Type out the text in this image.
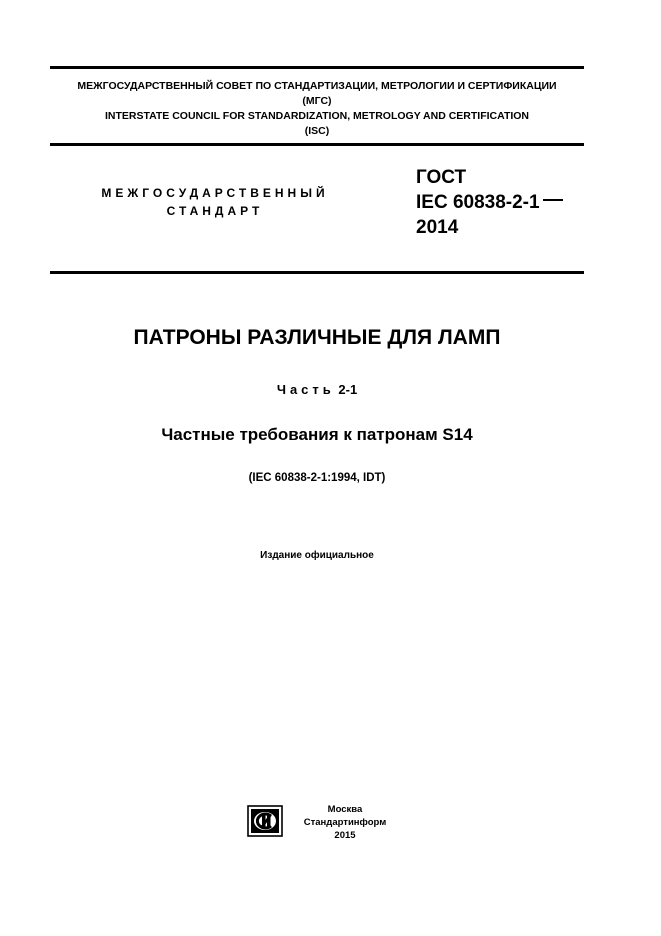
МЕЖГОСУДАРСТВЕННЫЙ СОВЕТ ПО СТАНДАРТИЗАЦИИ, МЕТРОЛОГИИ И СЕРТИФИКАЦИИ
(МГС)
INTERSTATE COUNCIL FOR STANDARDIZATION, METROLOGY AND CERTIFICATION
(ISC)
МЕЖГОСУДАРСТВЕННЫЙ
СТАНДАРТ
ГОСТ
IEC 60838-2-1
2014
ПАТРОНЫ РАЗЛИЧНЫЕ ДЛЯ ЛАМП
Часть 2-1
Частные требования к патронам S14
(IEC 60838-2-1:1994, IDT)
Издание официальное
Москва
Стандартинформ
2015
